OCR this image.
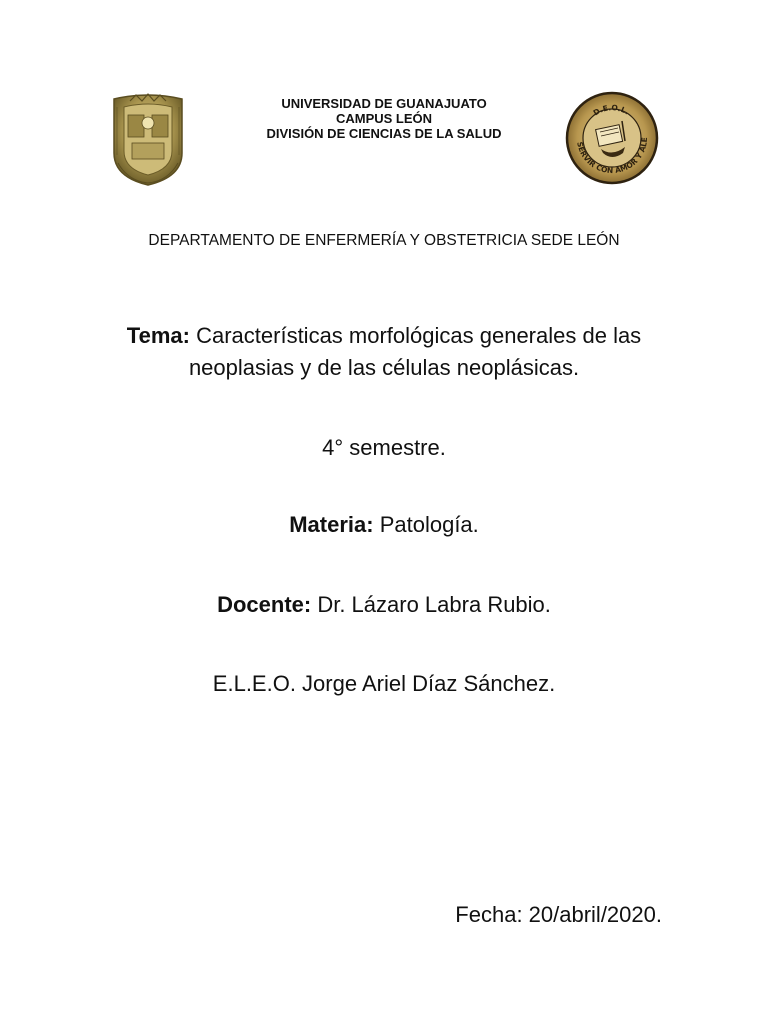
UNIVERSIDAD DE GUANAJUATO
CAMPUS LEÓN
DIVISIÓN DE CIENCIAS DE LA SALUD
SERVIR CON AMOR Y ALE
D.E.O.L.
DEPARTAMENTO DE ENFERMERÍA Y OBSTETRICIA SEDE LEÓN
Tema: Características morfológicas generales de las neoplasias y de las células neoplásicas.
4° semestre.
Materia: Patología.
Docente: Dr. Lázaro Labra Rubio.
E.L.E.O. Jorge Ariel Díaz Sánchez.
Fecha: 20/abril/2020.
